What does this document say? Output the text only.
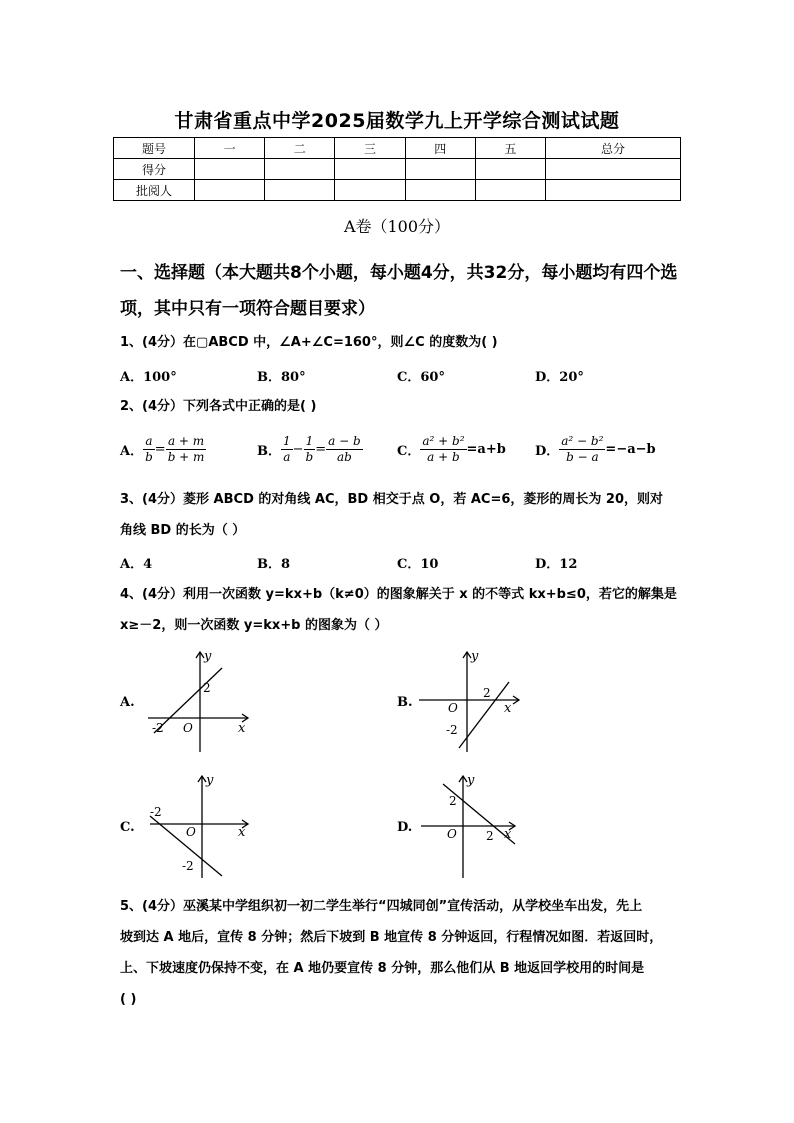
甘肃省重点中学2025届数学九上开学综合测试试题
题号	一	二	三	四	五	总分
得分						
批阅人						
A卷（100分）
一、选择题（本大题共8个小题，每小题4分，共32分，每小题均有四个选项，其中只有一项符合题目要求）
1、(4分）在▢ABCD 中，∠A+∠C=160°，则∠C 的度数为( )
A．100°	B．80°	C．60°	D．20°
2、(4分）下列各式中正确的是( )
A． $\frac{a}{b} = \frac{a + m}{b + m}$	B． $\frac{1}{a} - \frac{1}{b} = \frac{a - b}{ab}$	C． $\frac{\text{a² + b²}}{a + b} =a+b$ D． $\frac{\text{a² − b²}}{b - a} =-a-b$
3、(4分）菱形 ABCD 的对角线 AC，BD 相交于点 O，若 AC=6，菱形的周长为 20，则对
角线 BD 的长为（ ）
A．4	B．8	C．10	D．12
4、(4分）利用一次函数 y=kx+b（k≠0）的图象解关于 x 的不等式 kx+b≤0，若它的解集是
x≥－2，则一次函数 y=kx+b 的图象为（ ）
A.
x
y
O
2
-2
B.	x
y
O
2
-2
C.	x
y
O
-2
-2
D.	x
y
O
2
2
5、(4分）巫溪某中学组织初一初二学生举行“四城同创”宣传活动，从学校坐车出发，先上
坡到达 A 地后，宣传 8 分钟；然后下坡到 B 地宣传 8 分钟返回，行程情况如图．若返回时，
上、下坡速度仍保持不变，在 A 地仍要宣传 8 分钟，那么他们从 B 地返回学校用的时间是
( )
